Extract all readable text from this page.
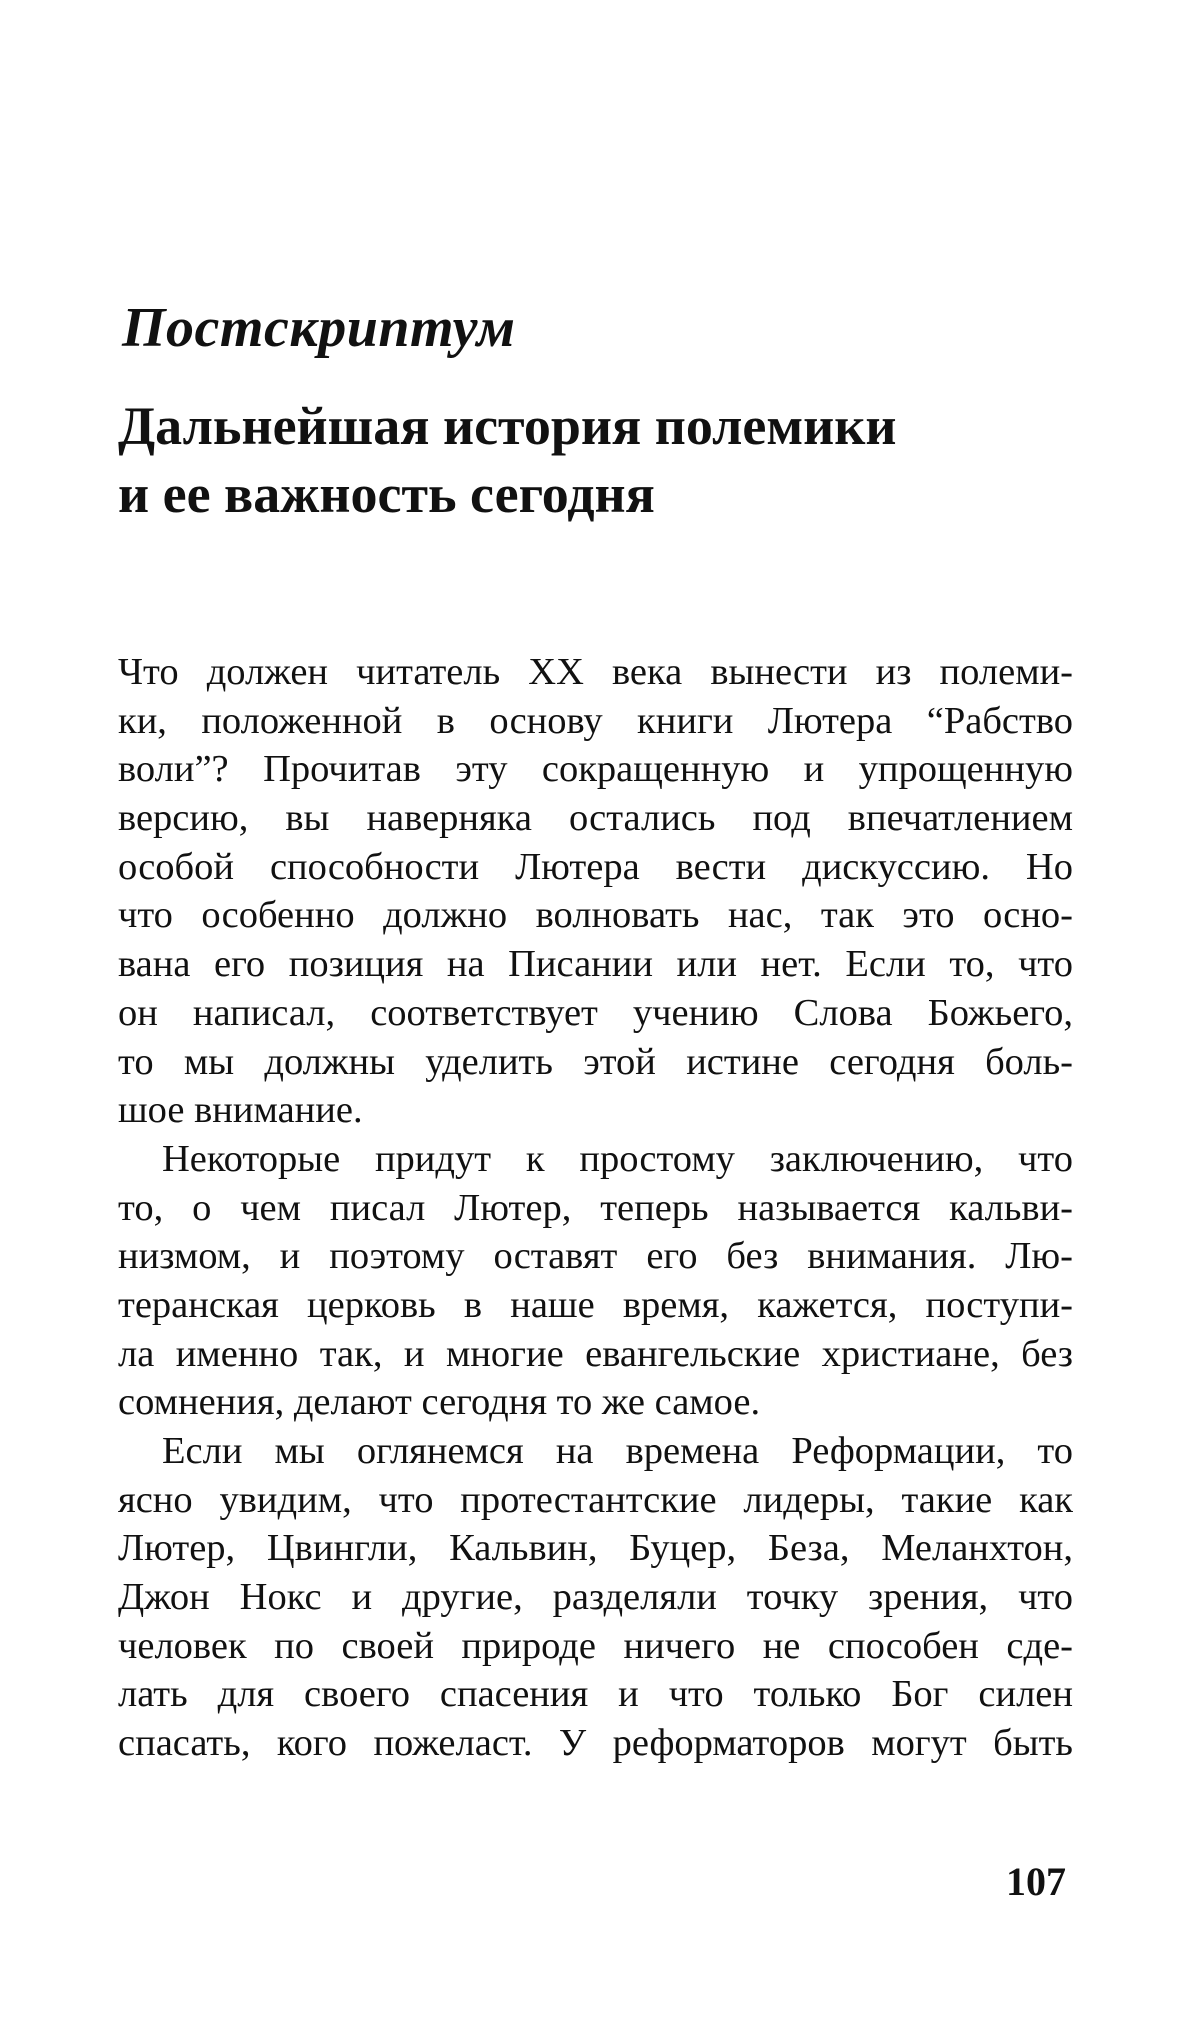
Постскриптум
Дальнейшая история полемики
и ее важность сегодня
Что должен читатель XX века вынести из полеми-
ки, положенной в основу книги Лютера “Рабство
воли”? Прочитав эту сокращенную и упрощенную
версию, вы наверняка остались под впечатлением
особой способности Лютера вести дискуссию. Но
что особенно должно волновать нас, так это осно-
вана его позиция на Писании или нет. Если то, что
он написал, соответствует учению Слова Божьего,
то мы должны уделить этой истине сегодня боль-
шое внимание.
Некоторые придут к простому заключению, что
то, о чем писал Лютер, теперь называется кальви-
низмом, и поэтому оставят его без внимания. Лю-
теранская церковь в наше время, кажется, поступи-
ла именно так, и многие евангельские христиане, без
сомнения, делают сегодня то же самое.
Если мы оглянемся на времена Реформации, то
ясно увидим, что протестантские лидеры, такие как
Лютер, Цвингли, Кальвин, Буцер, Беза, Меланхтон,
Джон Нокс и другие, разделяли точку зрения, что
человек по своей природе ничего не способен сде-
лать для своего спасения и что только Бог силен
спасать, кого пожеласт. У реформаторов могут быть
107
